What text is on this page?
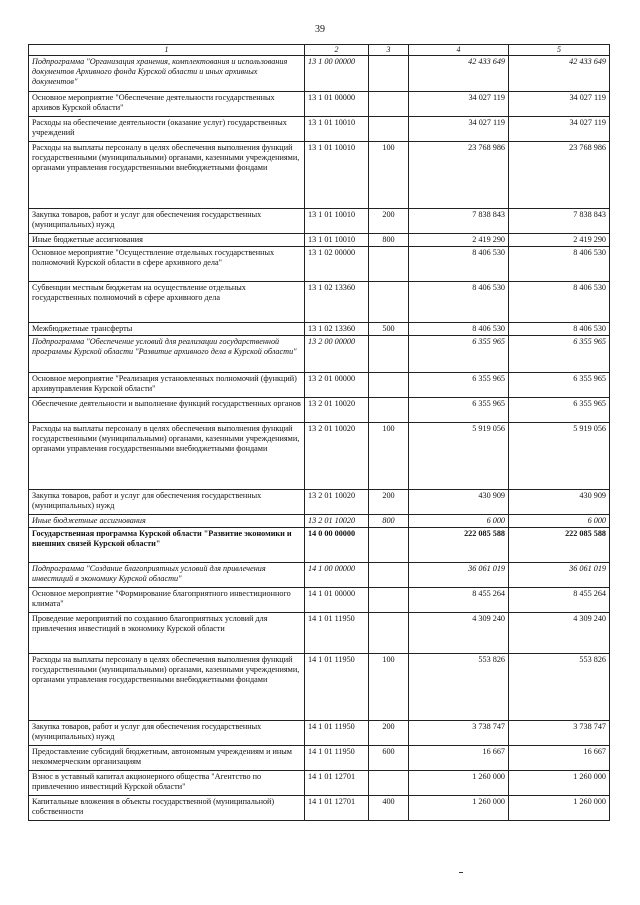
39
1	2	3	4	5
Подпрограмма "Организация хранения, комплектования и использования документов Архивного фонда Курской области и иных архивных документов"	13 1 00 00000		42 433 649	42 433 649
Основное мероприятие "Обеспечение деятельности государственных архивов Курской области"	13 1 01 00000		34 027 119	34 027 119
Расходы на обеспечение деятельности (оказание услуг) государственных учреждений	13 1 01 10010		34 027 119	34 027 119
Расходы на выплаты персоналу в целях обеспечения выполнения функций государственными (муниципальными) органами, казенными учреждениями, органами управления государственными внебюджетными фондами	13 1 01 10010	100	23 768 986	23 768 986
Закупка товаров, работ и услуг для обеспечения государственных (муниципальных) нужд	13 1 01 10010	200	7 838 843	7 838 843
Иные бюджетные ассигнования	13 1 01 10010	800	2 419 290	2 419 290
Основное мероприятие "Осуществление отдельных государственных полномочий Курской области в сфере архивного дела"	13 1 02 00000		8 406 530	8 406 530
Субвенции местным бюджетам на осуществление отдельных государственных полномочий в сфере архивного дела	13 1 02 13360		8 406 530	8 406 530
Межбюджетные трансферты	13 1 02 13360	500	8 406 530	8 406 530
Подпрограмма "Обеспечение условий для реализации государственной программы Курской области "Развитие архивного дела в Курской области"	13 2 00 00000		6 355 965	6 355 965
Основное мероприятие "Реализация установленных полномочий (функций) архивуправления Курской области"	13 2 01 00000		6 355 965	6 355 965
Обеспечение деятельности и выполнение функций государственных органов	13 2 01 10020		6 355 965	6 355 965
Расходы на выплаты персоналу в целях обеспечения выполнения функций государственными (муниципальными) органами, казенными учреждениями, органами управления государственными внебюджетными фондами	13 2 01 10020	100	5 919 056	5 919 056
Закупка товаров, работ и услуг для обеспечения государственных (муниципальных) нужд	13 2 01 10020	200	430 909	430 909
Иные бюджетные ассигнования	13 2 01 10020	800	6 000	6 000
Государственная программа Курской области "Развитие экономики и внешних связей Курской области"	14 0 00 00000		222 085 588	222 085 588
Подпрограмма "Создание благоприятных условий для привлечения инвестиций в экономику Курской области"	14 1 00 00000		36 061 019	36 061 019
Основное мероприятие "Формирование благоприятного инвестиционного климата"	14 1 01 00000		8 455 264	8 455 264
Проведение мероприятий по созданию благоприятных условий для привлечения инвестиций в экономику Курской области	14 1 01 11950		4 309 240	4 309 240
Расходы на выплаты персоналу в целях обеспечения выполнения функций государственными (муниципальными) органами, казенными учреждениями, органами управления государственными внебюджетными фондами	14 1 01 11950	100	553 826	553 826
Закупка товаров, работ и услуг для обеспечения государственных (муниципальных) нужд	14 1 01 11950	200	3 738 747	3 738 747
Предоставление субсидий бюджетным, автономным учреждениям и иным некоммерческим организациям	14 1 01 11950	600	16 667	16 667
Взнос в уставный капитал акционерного общества "Агентство по привлечению инвестиций Курской области"	14 1 01 12701		1 260 000	1 260 000
Капитальные вложения в объекты государственной (муниципальной) собственности	14 1 01 12701	400	1 260 000	1 260 000
